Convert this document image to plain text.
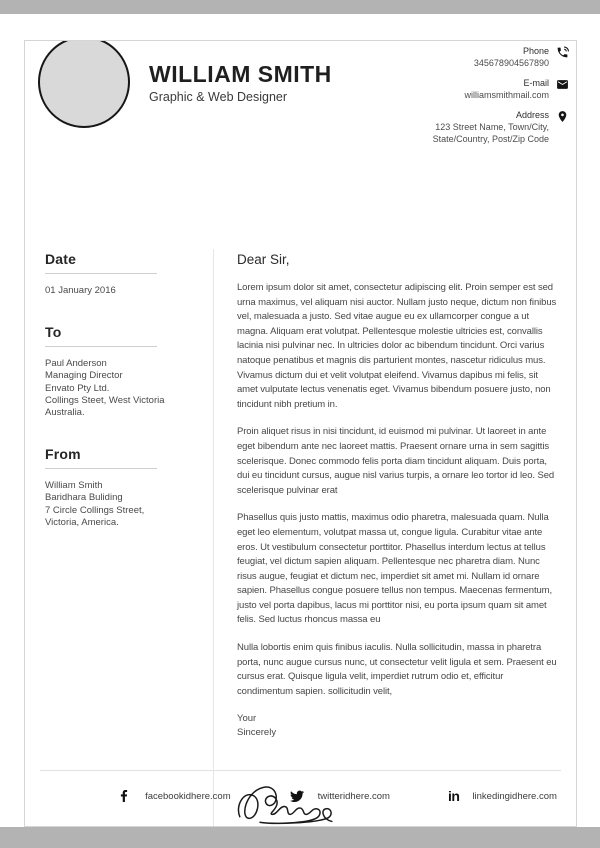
WILLIAM SMITH
Graphic & Web Designer
Phone
345678904567890
E-mail
williamsmithmail.com
Address
123 Street Name, Town/City,
State/Country, Post/Zip Code
Date
01 January 2016
To
Paul Anderson
Managing Director
Envato Pty Ltd.
Collings Steet, West Victoria
Australia.
From
William Smith
Baridhara Buliding
7 Circle Collings Street,
Victoria, America.
Dear Sir,

Lorem ipsum dolor sit amet, consectetur adipiscing elit. Proin semper est sed urna maximus, vel aliquam nisi auctor. Nullam justo neque, dictum non finibus vel, malesuada a justo. Sed vitae augue eu ex ullamcorper congue a ut magna. Aliquam erat volutpat. Pellentesque molestie ultricies est, convallis lacinia nisi pulvinar nec. In ultricies dolor ac bibendum tincidunt. Orci varius natoque penatibus et magnis dis parturient montes, nascetur ridiculus mus. Vivamus dictum dui et velit volutpat eleifend. Vivamus dapibus mi felis, sit amet vulputate lectus venenatis eget. Vivamus bibendum posuere justo, non tincidunt nibh pretium in.

Proin aliquet risus in nisi tincidunt, id euismod mi pulvinar. Ut laoreet in ante eget bibendum ante nec laoreet mattis. Praesent ornare urna in sem sagittis scelerisque. Donec commodo felis porta diam tincidunt aliquam. Duis porta, dui eu tincidunt cursus, augue nisl varius turpis, a ornare leo tortor id leo. Sed scelerisque pulvinar erat

Phasellus quis justo mattis, maximus odio pharetra, malesuada quam. Nulla eget leo elementum, volutpat massa ut, congue ligula. Curabitur vitae ante eros. Ut vestibulum consectetur porttitor. Phasellus interdum lectus at tellus feugiat, vel dictum sapien aliquam. Pellentesque nec pharetra diam. Nunc risus augue, feugiat et dictum nec, imperdiet sit amet mi. Nullam id ornare sapien. Phasellus congue posuere tellus non tempus. Maecenas fermentum, justo vel porta dapibus, lacus mi porttitor nisi, eu porta ipsum quam sit amet felis. Sed luctus rhoncus massa eu

Nulla lobortis enim quis finibus iaculis. Nulla sollicitudin, massa in pharetra porta, nunc augue cursus nunc, ut consectetur velit ligula et sem. Praesent eu cursus erat. Quisque ligula velit, imperdiet rutrum odio et, efficitur condimentum sapien. sollicitudin velit,

Your
Sincerely
facebookidhere.com	twitteridhere.com	in linkedingidhere.com
